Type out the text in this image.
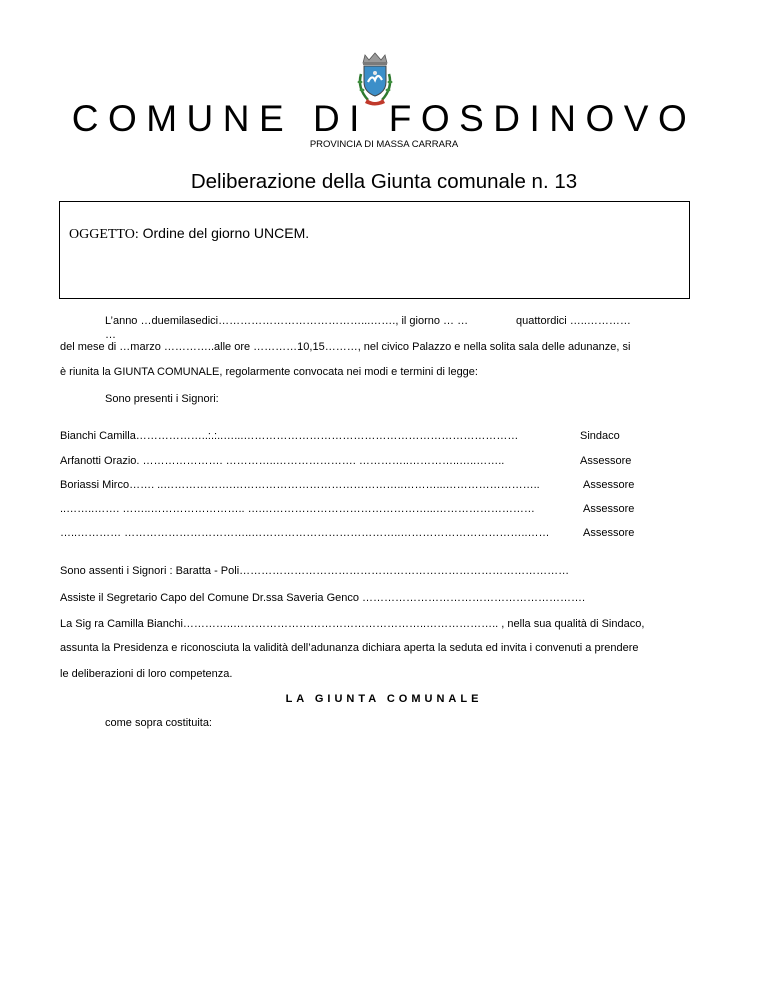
COMUNE DI FOSDINOVO
PROVINCIA DI MASSA CARRARA
Deliberazione della Giunta comunale n. 13
OGGETTO: Ordine del giorno UNCEM.
L’anno …duemilasedici…………………………………...……., il giorno … …	quattordici …..…………
…
del mese di …marzo …………..alle ore …………10,15………, nel civico Palazzo e nella solita sala delle adunanze, si
è riunita la GIUNTA COMUNALE, regolarmente convocata nei modi e termini di legge:
Sono presenti i Signori:
Bianchi Camilla………………..:.:..…...…………………………………………………………………	Sindaco
Arfanotti Orazio. …………………. …………..…………………. …………..…………..…..……..	Assessore
Boriassi Mirco……. ..……………….………………………………………..………...……………………..	Assessore
..……..……. ……..…………………….. ….………………………………………...………………………	Assessore
…..………… ……………………………..…………………………………..……………………………..……	Assessore
Sono assenti i Signori : Baratta - Poli………………………………………………………………………………
Assiste il Segretario Capo del Comune Dr.ssa Saveria Genco …………………………………………………….
La Sig ra Camilla Bianchi…………..……………………………………………..……………….. , nella sua qualità di Sindaco,
assunta la Presidenza e riconosciuta la validità dell’adunanza dichiara aperta la seduta ed invita i convenuti a prendere
le deliberazioni di loro competenza.
LA GIUNTA COMUNALE
come sopra costituita:
